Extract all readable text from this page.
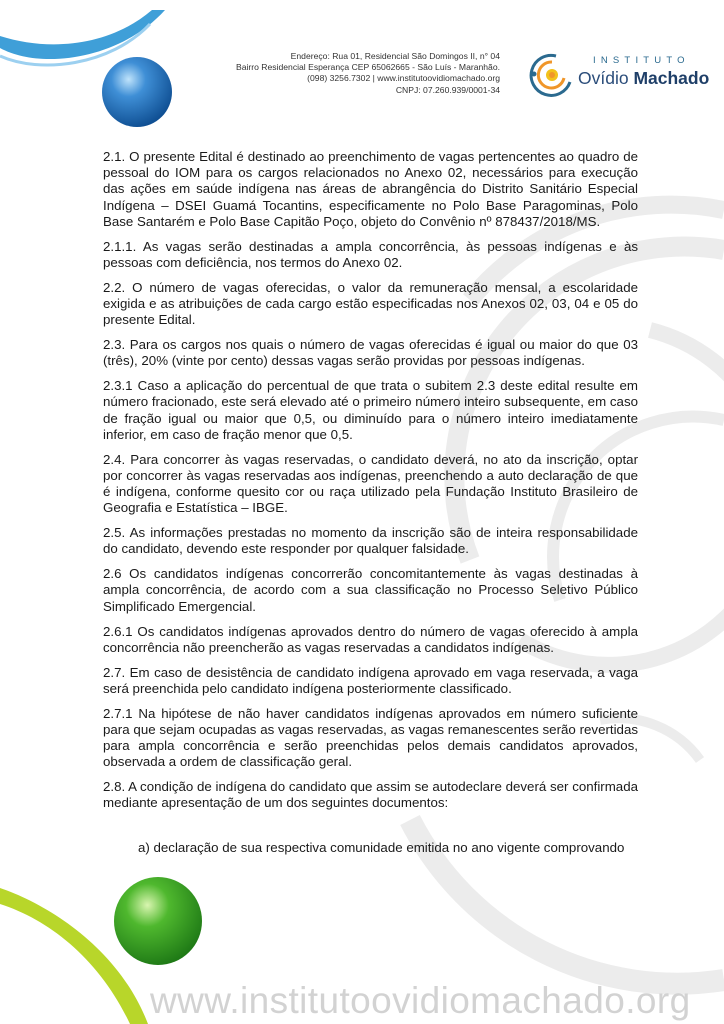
Endereço: Rua 01, Residencial São Domingos II, n° 04
Bairro Residencial Esperança CEP 65062665 - São Luís - Maranhão.
(098) 3256.7302 | www.institutoovidiomachado.org
CNPJ: 07.260.939/0001-34
INSTITUTO
Ovídio Machado

2.1. O presente Edital é destinado ao preenchimento de vagas pertencentes ao quadro de pessoal do IOM para os cargos relacionados no Anexo 02, necessários para execução das ações em saúde indígena nas áreas de abrangência do Distrito Sanitário Especial Indígena – DSEI Guamá Tocantins, especificamente no Polo Base Paragominas, Polo Base Santarém e Polo Base Capitão Poço, objeto do Convênio nº 878437/2018/MS.

2.1.1. As vagas serão destinadas a ampla concorrência, às pessoas indígenas e às pessoas com deficiência, nos termos do Anexo 02.

2.2. O número de vagas oferecidas, o valor da remuneração mensal, a escolaridade exigida e as atribuições de cada cargo estão especificadas nos Anexos 02, 03, 04 e 05 do presente Edital.

2.3. Para os cargos nos quais o número de vagas oferecidas é igual ou maior do que 03 (três), 20% (vinte por cento) dessas vagas serão providas por pessoas indígenas.

2.3.1 Caso a aplicação do percentual de que trata o subitem 2.3 deste edital resulte em número fracionado, este será elevado até o primeiro número inteiro subsequente, em caso de fração igual ou maior que 0,5, ou diminuído para o número inteiro imediatamente inferior, em caso de fração menor que 0,5.

2.4. Para concorrer às vagas reservadas, o candidato deverá, no ato da inscrição, optar por concorrer às vagas reservadas aos indígenas, preenchendo a auto declaração de que é indígena, conforme quesito cor ou raça utilizado pela Fundação Instituto Brasileiro de Geografia e Estatística – IBGE.

2.5. As informações prestadas no momento da inscrição são de inteira responsabilidade do candidato, devendo este responder por qualquer falsidade.

2.6 Os candidatos indígenas concorrerão concomitantemente às vagas destinadas à ampla concorrência, de acordo com a sua classificação no Processo Seletivo Público Simplificado Emergencial.

2.6.1 Os candidatos indígenas aprovados dentro do número de vagas oferecido à ampla concorrência não preencherão as vagas reservadas a candidatos indígenas.

2.7. Em caso de desistência de candidato indígena aprovado em vaga reservada, a vaga será preenchida pelo candidato indígena posteriormente classificado.

2.7.1 Na hipótese de não haver candidatos indígenas aprovados em número suficiente para que sejam ocupadas as vagas reservadas, as vagas remanescentes serão revertidas para ampla concorrência e serão preenchidas pelos demais candidatos aprovados, observada a ordem de classificação geral.

2.8. A condição de indígena do candidato que assim se autodeclare deverá ser confirmada mediante apresentação de um dos seguintes documentos:

a) declaração de sua respectiva comunidade emitida no ano vigente comprovando

www.institutoovidiomachado.org
